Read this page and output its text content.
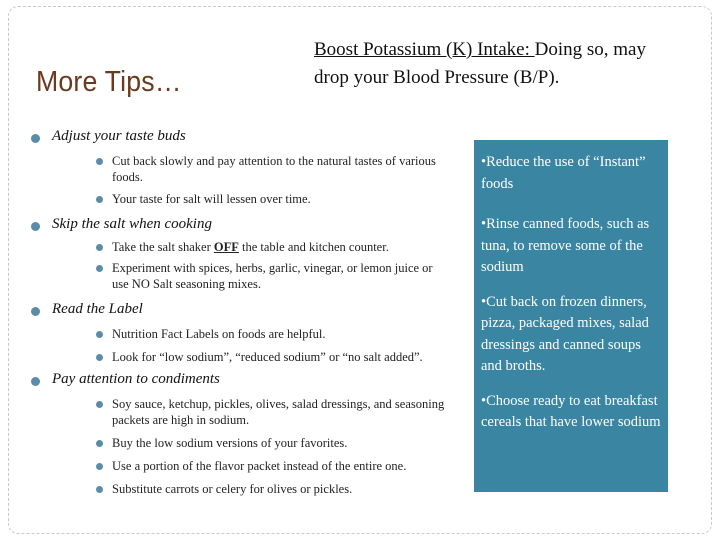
More Tips…
Boost Potassium (K) Intake: Doing so, may drop your Blood Pressure (B/P).
Adjust your taste buds
Cut back slowly and pay attention to the natural tastes of various foods.
Your taste for salt will lessen over time.
Skip the salt when cooking
Take the salt shaker OFF the table and kitchen counter.
Experiment with spices, herbs, garlic, vinegar, or lemon juice or use NO Salt seasoning mixes.
Read the Label
Nutrition Fact Labels on foods are helpful.
Look for “low sodium”, “reduced sodium” or “no salt added”.
Pay attention to condiments
Soy sauce, ketchup, pickles, olives, salad dressings, and seasoning packets are high in sodium.
Buy the low sodium versions of your favorites.
Use a portion of the flavor packet instead of the entire one.
Substitute carrots or celery for olives or pickles.

•Reduce the use of “Instant” foods

•Rinse canned foods, such as tuna, to remove some of the sodium

•Cut back on frozen dinners, pizza, packaged mixes, salad dressings and canned soups and broths.

•Choose ready to eat breakfast cereals that have lower sodium
